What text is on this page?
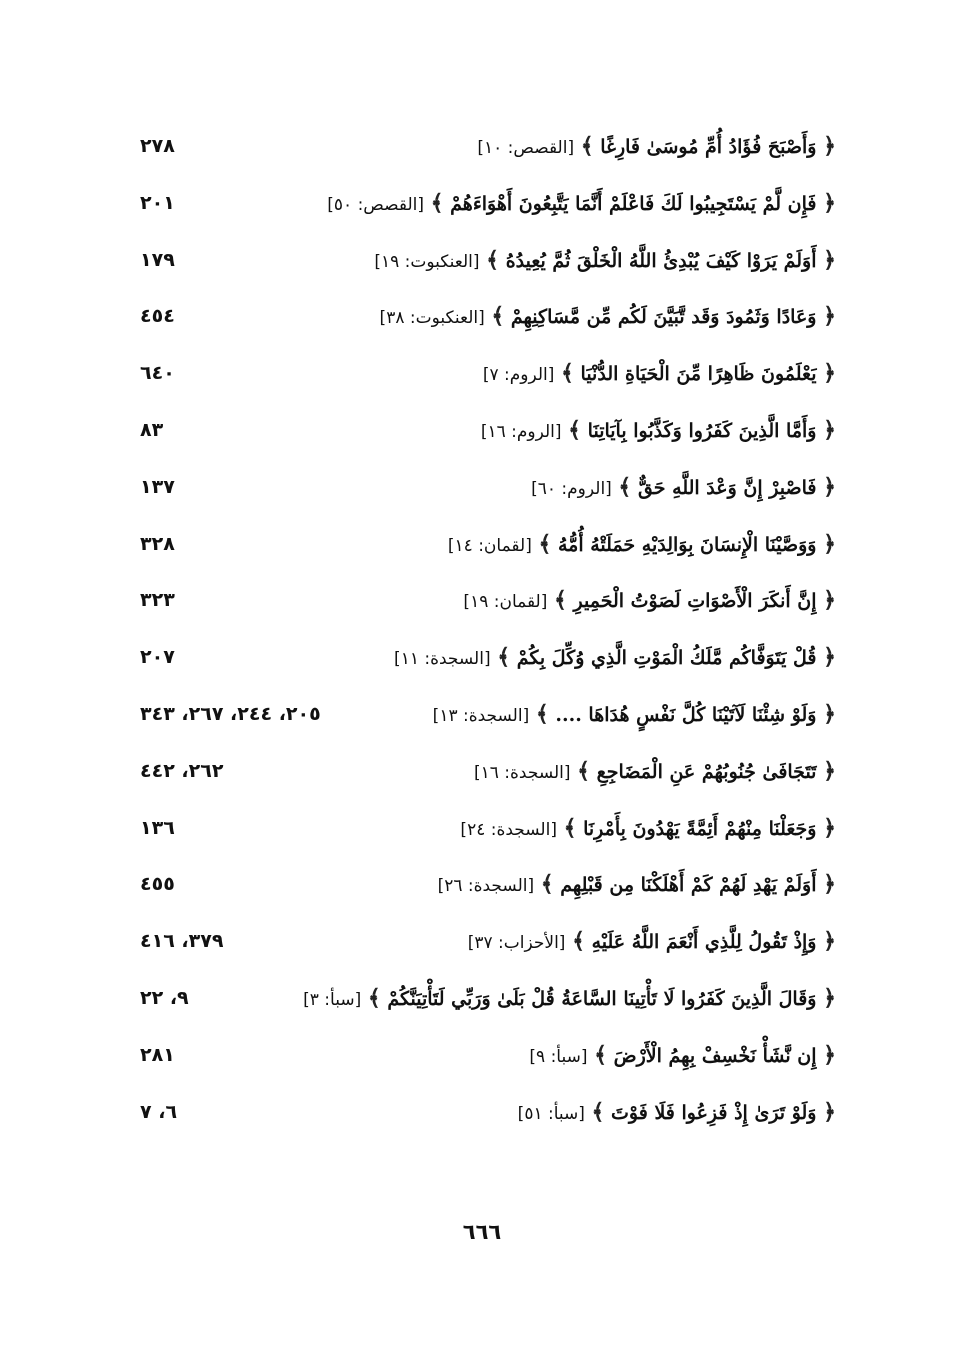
﴿ وَأَصْبَحَ فُؤَادُ أُمِّ مُوسَىٰ فَارِغًا ﴾ [القصص: ١٠]
٢٧٨
﴿ فَإِن لَّمْ يَسْتَجِيبُوا لَكَ فَاعْلَمْ أَنَّمَا يَتَّبِعُونَ أَهْوَاءَهُمْ ﴾ [القصص: ٥٠]
٢٠١
﴿ أَوَلَمْ يَرَوْا كَيْفَ يُبْدِئُ اللَّهُ الْخَلْقَ ثُمَّ يُعِيدُهُ ﴾ [العنكبوت: ١٩]
١٧٩
﴿ وَعَادًا وَثَمُودَ وَقَد تَّبَيَّنَ لَكُم مِّن مَّسَاكِنِهِمْ ﴾ [العنكبوت: ٣٨]
٤٥٤
﴿ يَعْلَمُونَ ظَاهِرًا مِّنَ الْحَيَاةِ الدُّنْيَا ﴾ [الروم: ٧]
٦٤٠
﴿ وَأَمَّا الَّذِينَ كَفَرُوا وَكَذَّبُوا بِآيَاتِنَا ﴾ [الروم: ١٦]
٨٣
﴿ فَاصْبِرْ إِنَّ وَعْدَ اللَّهِ حَقٌّ ﴾ [الروم: ٦٠]
١٣٧
﴿ وَوَصَّيْنَا الْإِنسَانَ بِوَالِدَيْهِ حَمَلَتْهُ أُمُّهُ ﴾ [لقمان: ١٤]
٣٢٨
﴿ إِنَّ أَنكَرَ الْأَصْوَاتِ لَصَوْتُ الْحَمِيرِ ﴾ [لقمان: ١٩]
٣٢٣
﴿ قُلْ يَتَوَفَّاكُم مَّلَكُ الْمَوْتِ الَّذِي وُكِّلَ بِكُمْ ﴾ [السجدة: ١١]
٢٠٧
﴿ وَلَوْ شِئْنَا لَآتَيْنَا كُلَّ نَفْسٍ هُدَاهَا .... ﴾ [السجدة: ١٣]
٢٠٥، ٢٤٤، ٢٦٧، ٣٤٣
﴿ تَتَجَافَىٰ جُنُوبُهُمْ عَنِ الْمَضَاجِعِ ﴾ [السجدة: ١٦]
٢٦٢، ٤٤٢
﴿ وَجَعَلْنَا مِنْهُمْ أَئِمَّةً يَهْدُونَ بِأَمْرِنَا ﴾ [السجدة: ٢٤]
١٣٦
﴿ أَوَلَمْ يَهْدِ لَهُمْ كَمْ أَهْلَكْنَا مِن قَبْلِهِم ﴾ [السجدة: ٢٦]
٤٥٥
﴿ وَإِذْ تَقُولُ لِلَّذِي أَنْعَمَ اللَّهُ عَلَيْهِ ﴾ [الأحزاب: ٣٧]
٣٧٩، ٤١٦
﴿ وَقَالَ الَّذِينَ كَفَرُوا لَا تَأْتِينَا السَّاعَةُ قُلْ بَلَىٰ وَرَبِّي لَتَأْتِيَنَّكُمْ ﴾ [سبأ: ٣]
٩، ٢٢
﴿ إِن نَّشَأْ نَخْسِفْ بِهِمُ الْأَرْضَ ﴾ [سبأ: ٩]
٢٨١
﴿ وَلَوْ تَرَىٰ إِذْ فَزِعُوا فَلَا فَوْتَ ﴾ [سبأ: ٥١]
٦، ٧
٦٦٦
